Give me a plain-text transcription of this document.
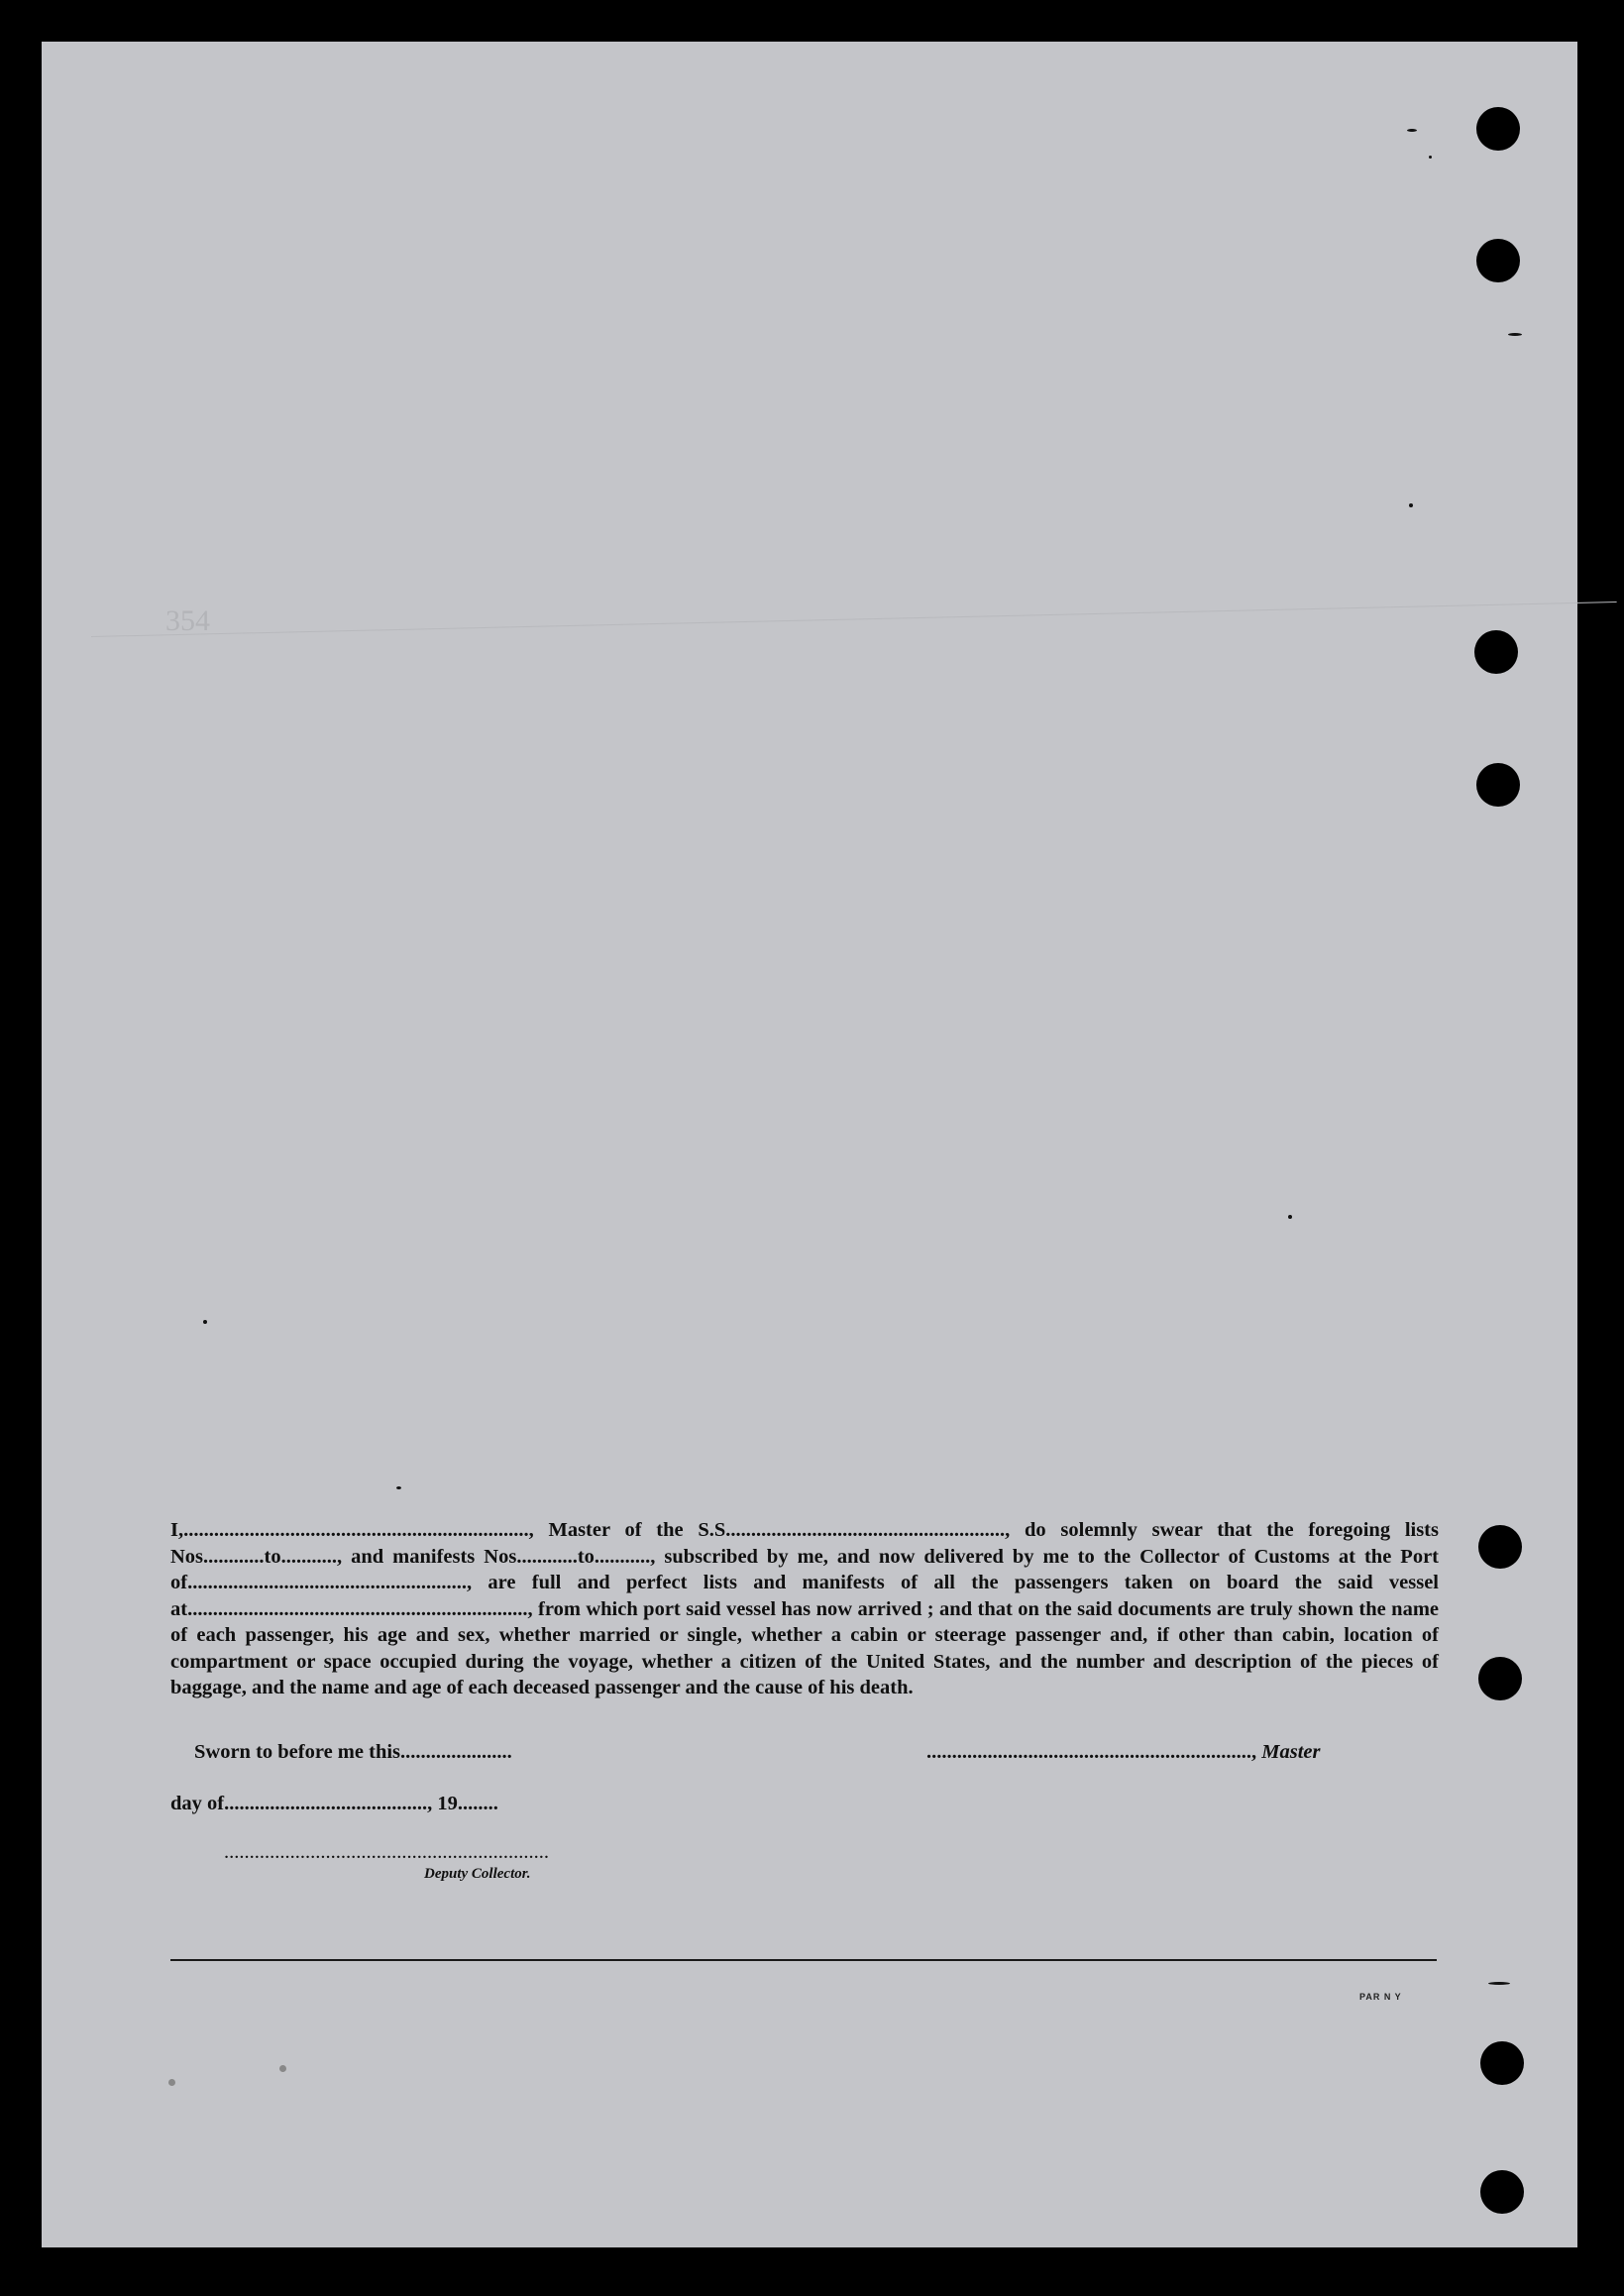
354
I,...................................................................., Master of the S.S......................................................., do solemnly swear that the foregoing lists Nos............to..........., and manifests Nos............to..........., subscribed by me, and now delivered by me to the Collector of Customs at the Port of......................................................., are full and perfect lists and manifests of all the passengers taken on board the said vessel at..................................................................., from which port said vessel has now arrived ; and that on the said documents are truly shown the name of each passenger, his age and sex, whether married or single, whether a cabin or steerage passenger and, if other than cabin, location of compartment or space occupied during the voyage, whether a citizen of the United States, and the number and description of the pieces of baggage, and the name and age of each deceased passenger and the cause of his death.
Sworn to before me this......................	................................................................, Master
day of........................................, 19........
................................................................
Deputy Collector.
PAR N Y
